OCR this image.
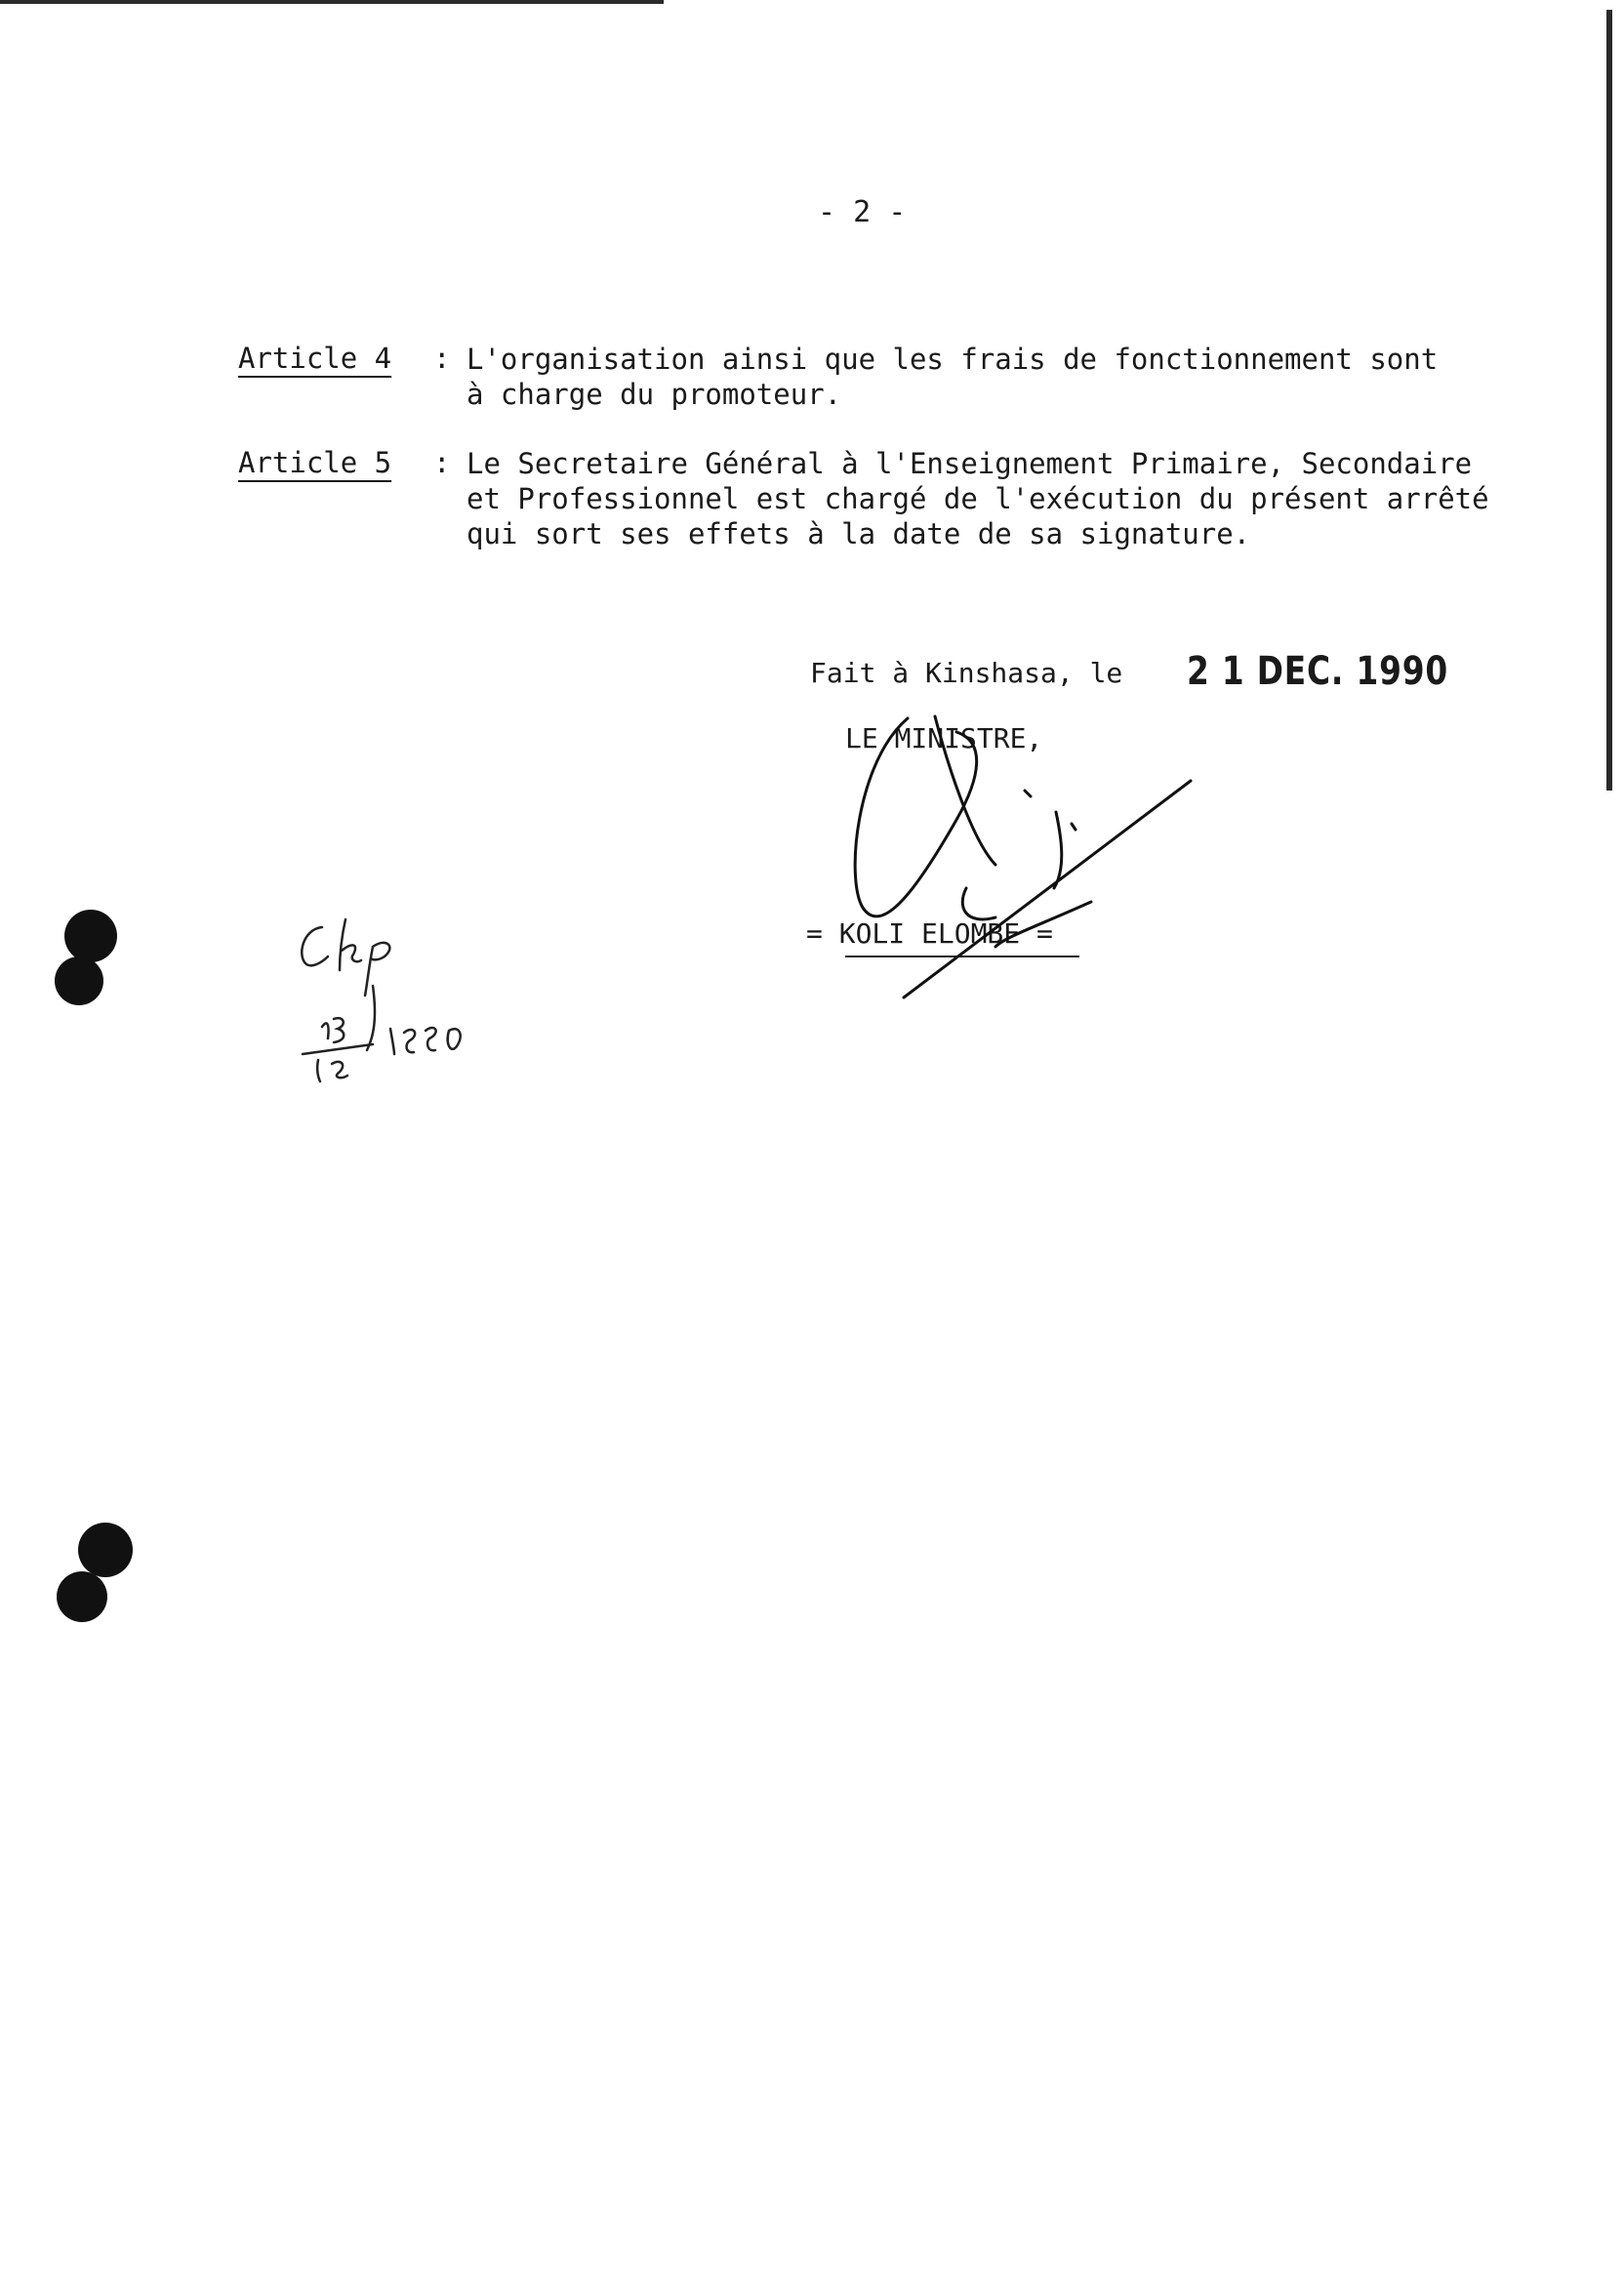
- 2 -
Article 4 : L'organisation ainsi que les frais de fonctionnement sont
à charge du promoteur.
Article 5 : Le Secretaire Général à l'Enseignement Primaire, Secondaire
et Professionnel est chargé de l'exécution du présent arrêté
qui sort ses effets à la date de sa signature.
Fait à Kinshasa, le 2 1 DEC. 1990
LE MINISTRE,
= KOLI ELOMBE =
